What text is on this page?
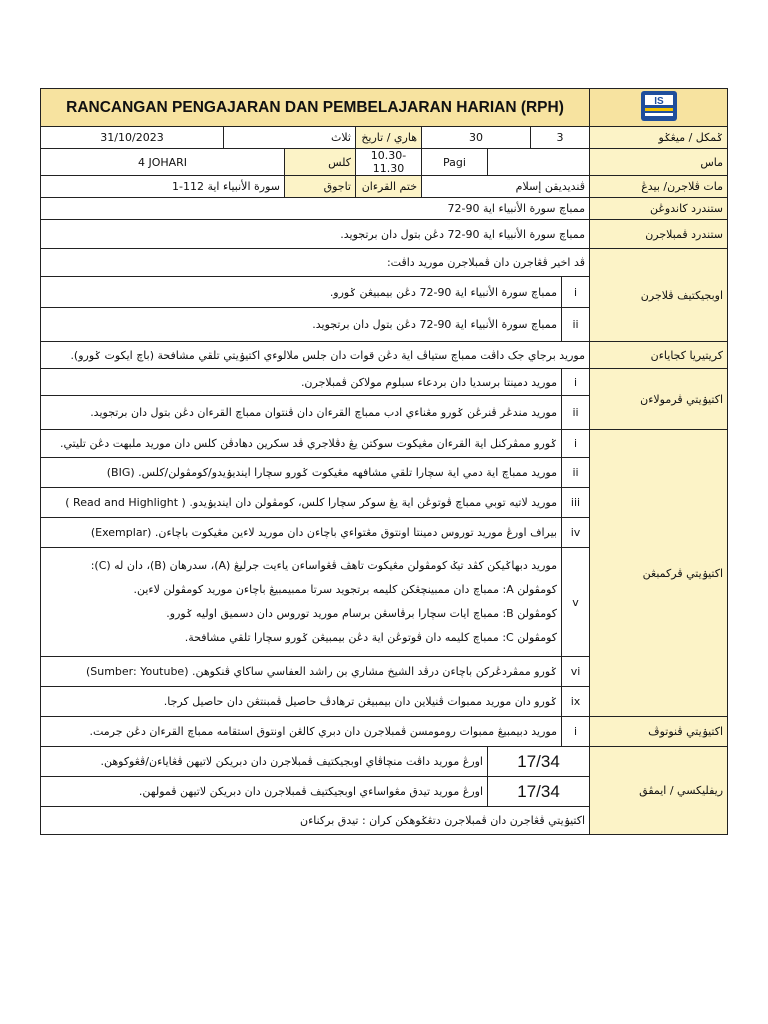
RANCANGAN PENGAJARAN DAN PEMBELAJARAN HARIAN (RPH)								IS

31/10/2023	ثلاث		هاري / تاريخ	30		3		ݢمکل / ميڠݢو
4 JOHARI		کلس	10.30-11.30	Pagi				ماس
سورة الأنبياء اية 112-1		تاجوق	ختم القرءان	ڤنديديقن إسلام				مات ڤلاجرن/ بيدڠ
ممباچ سورة الأنبياء اية 90-72								ستندرد کاندوڠن
ممباچ سورة الأنبياء اية 90-72 دڠن بتول دان برتجويد.								ستندرد ڤمبلاجرن
ڤد اخير ڤڠاجرن دان ڤمبلاجرن موريد داڤت:								اوبجيکتيف ڤلاجرن
ممباچ سورة الأنبياء اية 90-72 دڠن بيمبيڠن ݢورو.							i	
ممباچ سورة الأنبياء اية 90-72 دڠن بتول دان برتجويد.							ii	
موريد برجاي جک داڤت ممباچ ستياڤ اية دڠن قوات دان جلس ملالوءي اکتيۏيتي تلقي مشافحة (باچ ايکوت ݢورو).								کريتيريا کجاياءن
موريد دمينتا برسديا دان بردعاء سبلوم مولاکن ڤمبلاجرن.							i	اکتيۏيتي ڤرمولاءن
موريد مندڠر ڤنرڠن ݢورو مڠناءي ادب ممباچ القرءان دان ڤنتوان ممباچ القرءان دڠن بتول دان برتجويد.							ii	
ݢورو ممڤرکنل اية القرءان مڠيکوت سوکتن يڠ دڤلاجري ڤد سکرين دهادڤن کلس دان موريد ملبهت دڠن تليتي.							i	اکتيۏيتي ڤرکمبڠن
موريد ممباچ اية دمي اية سچارا تلقي مشافهه مڠيکوت ݢورو سچارا اينديۏيدو/کومڤولن/کلس. (BIG)							ii	
موريد لاتيه توبي ممباچ ڤوتوڠن اية يڠ سوکر سچارا کلس، کومڤولن دان اينديۏيدو. ( Read and Highlight )							iii	
بيراف اورڠ موريد توروس دمينتا اونتوق مڠتواءي باچاءن دان موريد لاءين مڠيکوت باچاءن. (Exemplar)							iv	

موريد دبهاݢيکن کڤد تيݢ کومڤولن مڠيکوت تاهڤ ڤڠواساءن ياءيت جرليڠ (A)، سدرهان (B)، دان له (C):
کومڤولن A: ممباچ دان ممبينچڠکن کليمه برتجويد سرتا ممبيمبيڠ باچاءن موريد کومڤولن لاءين.
کومڤولن B: ممباچ ايات سچارا برڤاسڠن برسام موريد توروس دان دسميق اوليه ݢورو.
کومڤولن C: ممباچ کليمه دان ڤوتوڠن اية دڠن بيمبيڠن ݢورو سچارا تلقي مشافحة.							v	
ݢورو ممڤردڠرکن باچاءن درڤد الشيخ مشاري بن راشد العفاسي ساکاي ڤنکوهن. (Sumber: Youtube)							vi	
ݢورو دان موريد ممبوات ڤنيلاين دان بيمبيڠن ترهادڤ حاصيل ڤمبنتڠن دان حاصيل کرجا.							ix	
موريد دبيمبيڠ ممبوات رومومسن ڤمبلاجرن دان دبري کالڠن اونتوق استقامه ممباچ القرءان دڠن جرمت.							i	اکتيۏيتي ڤنوتوڤ
اورڠ موريد داڤت منچاڤاي اوبجيکتيف ڤمبلاجرن دان دبريکن لاتيهن ڤڠاياءن/ڤڠوکوهن.					17/34			ريفليکسي / ايمڤق
اورڠ موريد تيدق مڠواساءي اوبجيکتيف ڤمبلاجرن دان دبريکن لاتيهن ڤمولهن.					17/34			
اکتيۏيتي ڤڠاجرن دان ڤمبلاجرن دتڠݢوهکن کران : تيدق برکناءن								
